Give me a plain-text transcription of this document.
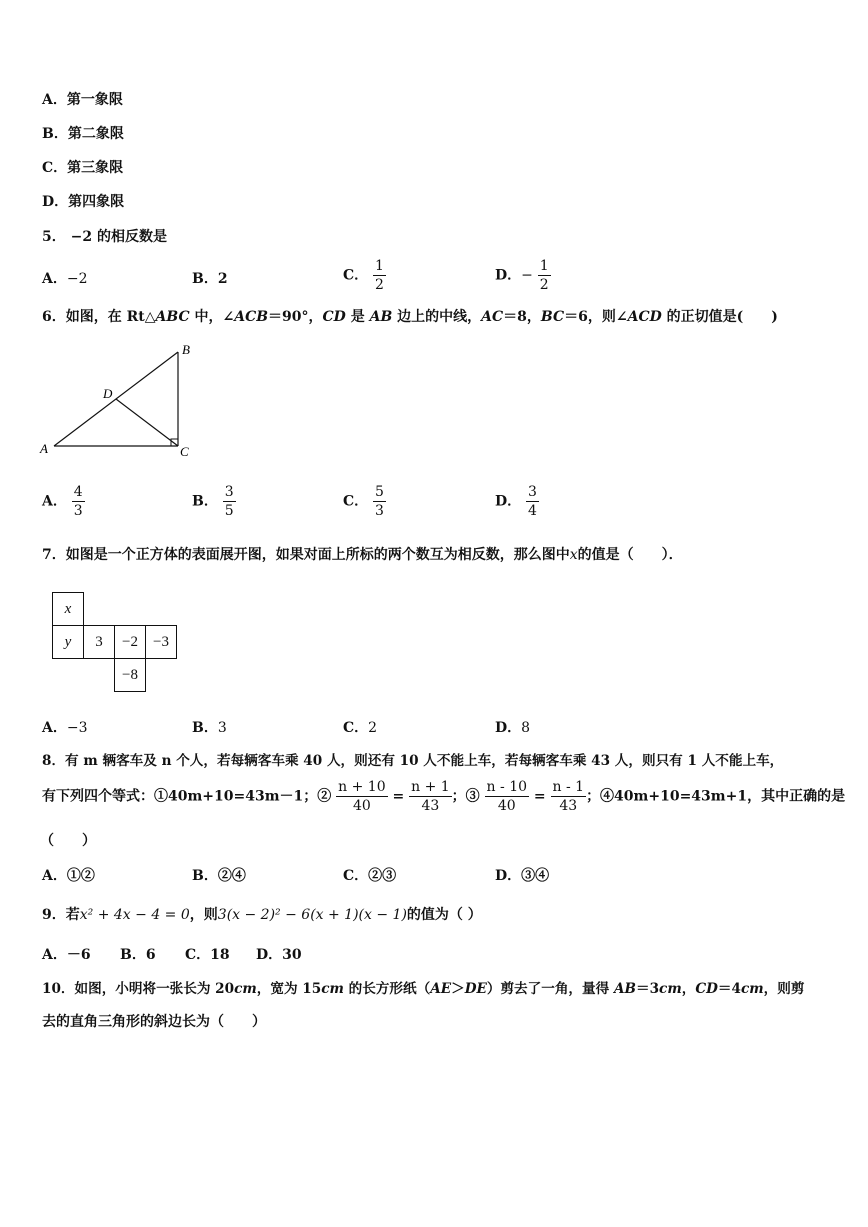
A．第一象限
B．第二象限
C．第三象限
D．第四象限
5． −2 的相反数是
A．−2	B．2	C． $\frac{1}{2}$	D．− $\frac{1}{2}$
6．如图，在 Rt△ABC 中，∠ACB＝90°，CD 是 AB 边上的中线，AC＝8，BC＝6，则∠ACD 的正切值是(　　)
A
B
C
D
A． $\frac{4}{3}$	B． $\frac{3}{5}$	C． $\frac{5}{3}$	D． $\frac{3}{4}$
7．如图是一个正方体的表面展开图，如果对面上所标的两个数互为相反数，那么图中x的值是（　　）．
x			
y	3	−2	−3
		−8	
A．−3	B．3	C．2	D．8
8．有 m 辆客车及 n 个人，若每辆客车乘 40 人，则还有 10 人不能上车，若每辆客车乘 43 人，则只有 1 人不能上车，
有下列四个等式：①40m+10=43m－1；② $\frac{n + 10}{40} = \frac{n + 1}{43}$ ；③ $\frac{n - 10}{40} = \frac{n - 1}{43}$ ；④40m+10=43m+1，其中正确的是
（　　）
A．①②	B．②④	C．②③	D．③④
9．若x² + 4x − 4 = 0，则3(x − 2)² − 6(x + 1)(x − 1)的值为（ ）
A．－6 B．6 C．18 D．30
10．如图，小明将一张长为 20cm，宽为 15cm 的长方形纸（AE＞DE）剪去了一角，量得 AB＝3cm，CD＝4cm，则剪
去的直角三角形的斜边长为（　　）
